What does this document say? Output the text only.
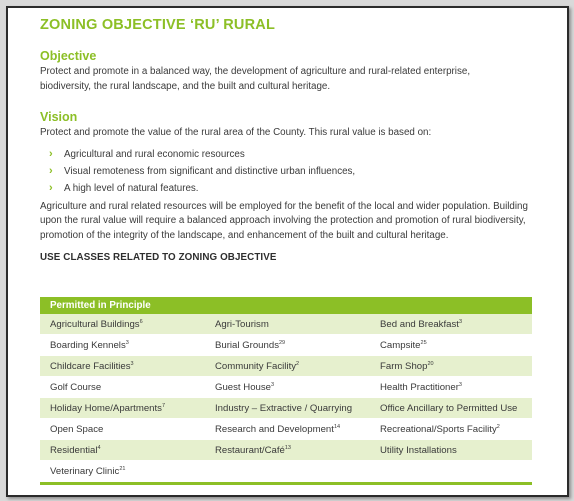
ZONING OBJECTIVE ‘RU’ RURAL
Objective

Protect and promote in a balanced way, the development of agriculture and rural-related enterprise, biodiversity, the rural landscape, and the built and cultural heritage.

Vision

Protect and promote the value of the rural area of the County. This rural value is based on:

› Agricultural and rural economic resources
› Visual remoteness from significant and distinctive urban influences,
› A high level of natural features.

Agriculture and rural related resources will be employed for the benefit of the local and wider population. Building upon the rural value will require a balanced approach involving the protection and promotion of rural biodiversity, promotion of the integrity of the landscape, and enhancement of the built and cultural heritage.

USE CLASSES RELATED TO ZONING OBJECTIVE
Permitted in Principle
Agricultural Buildings$^6$	Agri-Tourism	Bed and Breakfast$^3$
Boarding Kennels$^3$	Burial Grounds$^{29}$	Campsite$^{25}$
Childcare Facilities$^3$	Community Facility$^2$	Farm Shop$^{20}$
Golf Course	Guest House$^3$	Health Practitioner$^3$
Holiday Home/Apartments$^7$	Industry – Extractive / Quarrying	Office Ancillary to Permitted Use
Open Space	Research and Development$^{14}$	Recreational/Sports Facility$^2$
Residential$^4$	Restaurant/Café$^{13}$	Utility Installations
Veterinary Clinic$^{21}$
